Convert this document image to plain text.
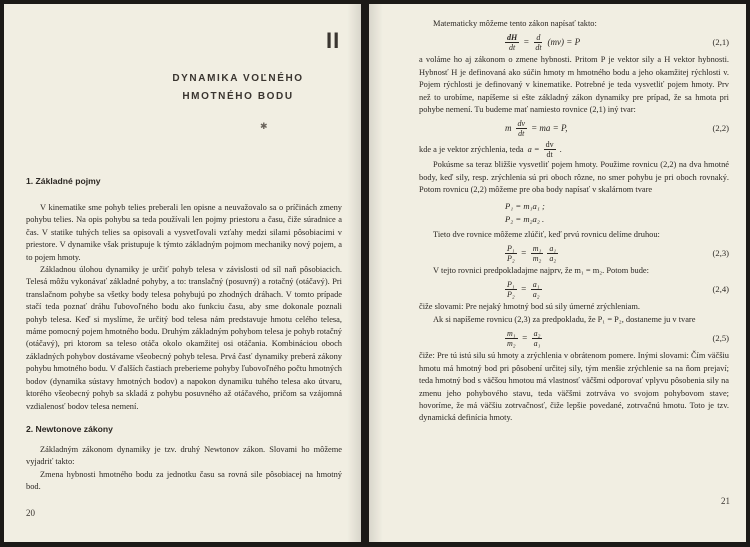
II
DYNAMIKA VOĽNÉHO HMOTNÉHO BODU
✱

1. Základné pojmy

V kinematike sme pohyb telies preberali len opisne a neuvažovalo sa o príčinách zmeny pohybu telies. Na opis pohybu sa teda používali len pojmy priestoru a času, čiže súradnice a čas. V statike tuhých telies sa opisovali a vysvetľovali vzťahy medzi silami pôsobiacimi v priestore. V dynamike však pristupuje k týmto základným pojmom mechaniky nový pojem, a to pojem hmoty.

Základnou úlohou dynamiky je určiť pohyb telesa v závislosti od síl naň pôsobiacich. Telesá môžu vykonávať základné pohyby, a to: translačný (posuvný) a rotačný (otáčavý). Pri translačnom pohybe sa všetky body telesa pohybujú po zhodných dráhach. V tomto prípade stačí teda poznať dráhu ľubovoľného bodu ako funkciu času, aby sme dokonale poznali pohyb telesa. Keď si myslíme, že určitý bod telesa nám predstavuje hmotu celého telesa, máme pomocný pojem hmotného bodu. Druhým základným pohybom telesa je pohyb rotačný (otáčavý), pri ktorom sa teleso otáča okolo okamžitej osi otáčania. Kombináciou oboch základných pohybov dostávame všeobecný pohyb telesa. Prvá časť dynamiky preberá zákony pohybu hmotného bodu. V ďalších častiach preberieme pohyby ľubovoľného počtu hmotných bodov (dynamika sústavy hmotných bodov) a napokon dynamiku tuhého telesa ako útvaru, ktorého všeobecný pohyb sa skladá z pohybu posuvného až otáčavého, pričom sa vzájomná vzdialenosť bodov telesa nemení.

2. Newtonove zákony

Základným zákonom dynamiky je tzv. druhý Newtonov zákon. Slovami ho môžeme vyjadriť takto:

Zmena hybnosti hmotného bodu za jednotku času sa rovná sile pôsobiacej na hmotný bod.

20

Matematicky môžeme tento zákon napísať takto:

$\frac{dH}{dt} = \frac{d}{dt} (mv) = P$	(2,1)

a voláme ho aj zákonom o zmene hybnosti. Pritom P je vektor sily a H vektor hybnosti. Hybnosť H je definovaná ako súčin hmoty m hmotného bodu a jeho okamžitej rýchlosti v. Pojem rýchlosti je definovaný v kinematike. Potrebné je teda vysvetliť pojem hmoty. Prv než to urobíme, napíšeme si ešte základný zákon dynamiky pre prípad, že sa hmota pri pohybe nemení. Tu budeme mať namiesto rovnice (2,1) iný tvar:

m $\frac{dv}{dt}$ = ma = P,	(2,2)

kde a je vektor zrýchlenia, teda $a = \frac{dv}{dt}$ .

Pokúsme sa teraz bližšie vysvetliť pojem hmoty. Použime rovnicu (2,2) na dva hmotné body, keď sily, resp. zrýchlenia sú pri oboch rôzne, no smer pohybu je pri oboch rovnaký. Potom rovnicu (2,2) môžeme pre oba body napísať v skalárnom tvare

P₁ = m₁a₁ ;
P₂ = m₂a₂ .

Tieto dve rovnice môžeme zlúčiť, keď prvú rovnicu delíme druhou:

$\frac{\text{P₁}}{\text{P₂}} = \frac{\text{m₁}}{\text{m₂}} \frac{\text{a₁}}{\text{a₂}}$	(2,3)

V tejto rovnici predpokladajme najprv, že m₁ = m₂. Potom bude:

$\frac{\text{P₁}}{\text{P₂}} = \frac{\text{a₁}}{\text{a₂}}$	(2,4)

čiže slovami: Pre nejaký hmotný bod sú sily úmerné zrýchleniam.

Ak si napíšeme rovnicu (2,3) za predpokladu, že P₁ = P₂, dostaneme ju v tvare

$\frac{\text{m₁}}{\text{m₂}} = \frac{\text{a₂}}{\text{a₁}}$	(2,5)

čiže: Pre tú istú silu sú hmoty a zrýchlenia v obrátenom pomere. Inými slovami: Čím väčšiu hmotu má hmotný bod pri pôsobení určitej sily, tým menšie zrýchlenie sa na ňom prejaví; teda hmotný bod s väčšou hmotou má vlastnosť väčšmi odporovať vplyvu pôsobenia sily na zmenu jeho pohybového stavu, teda väčšmi zotrváva vo svojom pohybovom stave; hovoríme, že má väčšiu zotrvačnosť, čiže lepšie povedané, zotrvačnú hmotu. Toto je tzv. dynamická definícia hmoty.

21
